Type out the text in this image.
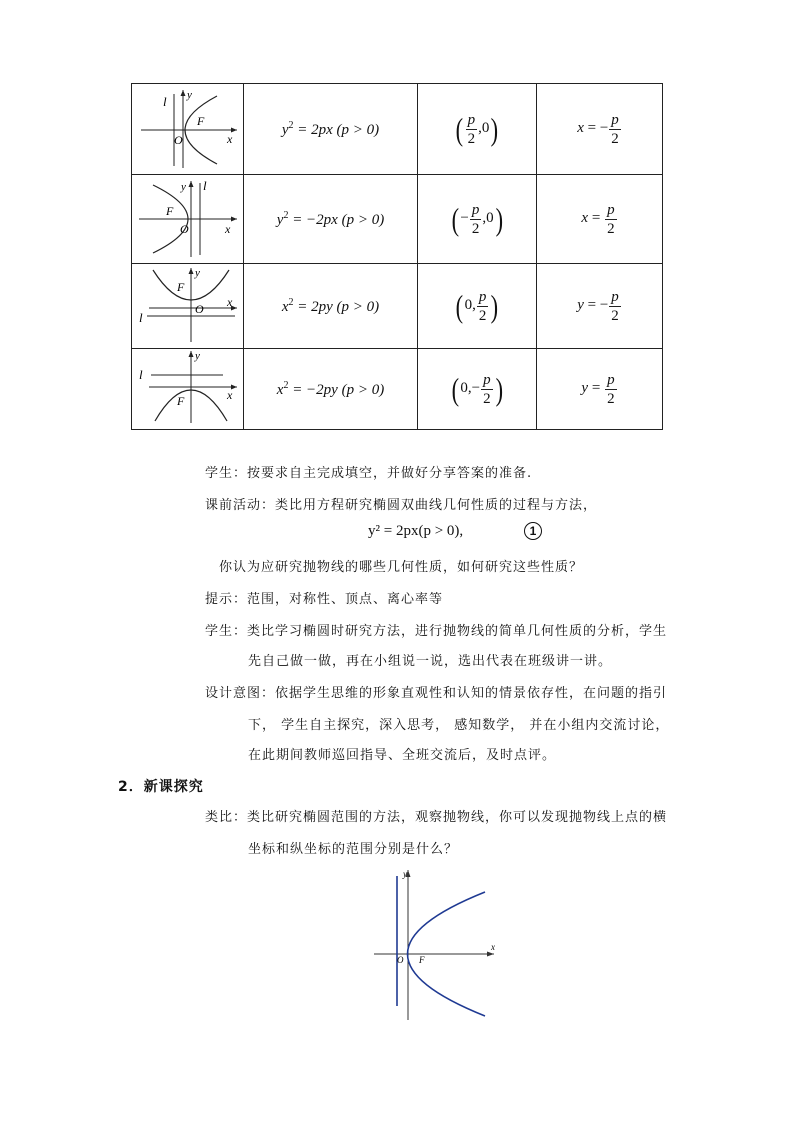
l y
F
O x	$y^2 = 2px$ (p > 0)	( $\frac{p}{2} ,0$)	x = − $\frac{p}{2}$

l
y
F
O x	$y^2 = -2px$ (p > 0)	( − $\frac{p}{2} ,0$)	$x = \frac{p}{2}$

y
F
O x
l	$x^2 = 2py$ (p > 0)	( 0, $\frac{p}{2}$ )	y = − $\frac{p}{2}$

y
l
x
F	$x^2 = -2py$ (p > 0)	( $0,- \frac{p}{2}$ )	$y = \frac{p}{2}$
学生：按要求自主完成填空，并做好分享答案的准备.
课前活动：类比用方程研究椭圆双曲线几何性质的过程与方法，
y² = 2px(p > 0),	1
你认为应研究抛物线的哪些几何性质，如何研究这些性质？
提示：范围，对称性、顶点、离心率等
学生：类比学习椭圆时研究方法，进行抛物线的简单几何性质的分析，学生
先自己做一做，再在小组说一说，选出代表在班级讲一讲。
设计意图：依据学生思维的形象直观性和认知的情景依存性，在问题的指引
下， 学生自主探究，深入思考， 感知数学， 并在小组内交流讨论，
在此期间教师巡回指导、全班交流后，及时点评。
2．新课探究
类比：类比研究椭圆范围的方法，观察抛物线，你可以发现抛物线上点的横
坐标和纵坐标的范围分别是什么？
y
x
O F
